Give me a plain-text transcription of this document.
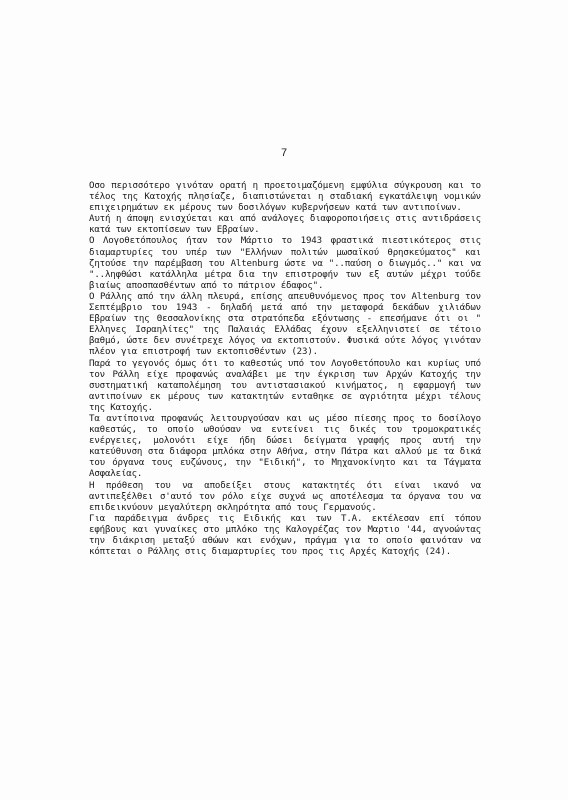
7

Οσο περισσότερο γινόταν ορατή η προετοιμαζόμενη εμφύλια σύγκρουση και το τέλος της Κατοχής πλησίαζε, διαπιστώνεται η σταδιακή εγκατάλειψη νομικών επιχειρημάτων εκ μέρους των δοσιλόγων κυβερνήσεων κατά των αντιποίνων.

Αυτή η άποψη ενισχύεται και από ανάλογες διαφοροποιήσεις στις αντιδράσεις κατά των εκτοπίσεων των Εβραίων.

Ο Λογοθετόπουλος ήταν τον Μάρτιο το 1943 φραστικά πιεστικότερος στις διαμαρτυρίες του υπέρ των "Ελλήνων πολιτών μωσαϊκού θρησκεύματος" και ζητούσε την παρέμβαση του Altenburg ώστε να "..παύση ο διωγμός.." και να "..ληφθώσι κατάλληλα μέτρα δια την επιστροφήν των εξ αυτών μέχρι τούδε βιαίως αποσπασθέντων από το πάτριον έδαφος".

Ο Ράλλης από την άλλη πλευρά, επίσης απευθυνόμενος προς τον Altenburg τον Σεπτέμβριο του 1943 - δηλαδή μετά από την μεταφορά δεκάδων χιλιάδων Εβραίων της Θεσσαλονίκης στα στρατόπεδα εξόντωσης - επεσήμανε ότι οι " Ελληνες Ισραηλίτες" της Παλαιάς Ελλάδας έχουν εξελληνιστεί σε τέτοιο βαθμό, ώστε δεν συνέτρεχε λόγος να εκτοπιστούν. Φυσικά ούτε λόγος γινόταν πλέον για επιστροφή των εκτοπισθέντων (23).

Παρά το γεγονός όμως ότι το καθεστώς υπό τον Λογοθετόπουλο και κυρίως υπό τον Ράλλη είχε προφανώς αναλάβει με την έγκριση των Αρχών Κατοχής την συστηματική καταπολέμηση του αντιστασιακού κινήματος, η εφαρμογή των αντιποίνων εκ μέρους των κατακτητών ενταθηκε σε αγριότητα μέχρι τέλους της Κατοχής.

Τα αντίποινα προφανώς λειτουργούσαν και ως μέσο πίεσης προς το δοσίλογο καθεστώς, το οποίο ωθούσαν να εντείνει τις δικές του τρομοκρατικές ενέργειες, μολονότι είχε ήδη δώσει δείγματα γραφής προς αυτή την κατεύθυνση στα διάφορα μπλόκα στην Αθήνα, στην Πάτρα και αλλού με τα δικά του όργανα τους ευζώνους, την "Ειδική", το Μηχανοκίνητο και τα Τάγματα Ασφαλείας.

Η πρόθεση του να αποδείξει στους κατακτητές ότι είναι ικανό να αντιπεξέλθει σ'αυτό τον ρόλο είχε συχνά ως αποτέλεσμα τα όργανα του να επιδεικνύουν μεγαλύτερη σκληρότητα από τους Γερμανούς.

Για παράδειγμα άνδρες τις Ειδικής και των Τ.Α. εκτέλεσαν επί τόπου εφήβους και γυναίκες στο μπλόκο της Καλογρέζας τον Μαρτιο '44, αγνοώντας την διάκριση μεταξύ αθώων και ενόχων, πράγμα για το οποίο φαινόταν να κόπτεται ο Ράλλης στις διαμαρτυρίες του προς τις Αρχές Κατοχής (24).
